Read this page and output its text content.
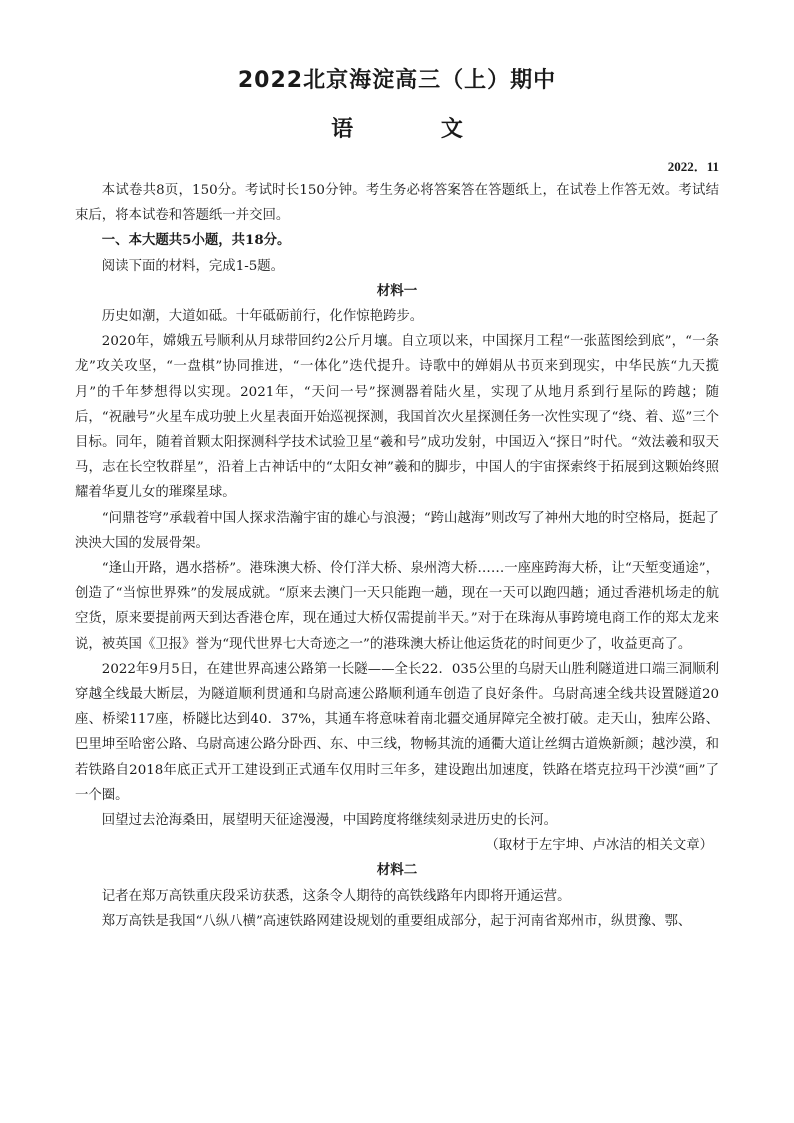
2022北京海淀高三（上）期中
语 文
2022．11

本试卷共8页，150分。考试时长150分钟。考生务必将答案答在答题纸上，在试卷上作答无效。考试结束后，将本试卷和答题纸一并交回。

一、本大题共5小题，共18分。

阅读下面的材料，完成1-5题。

材料一

历史如潮，大道如砥。十年砥砺前行，化作惊艳跨步。

2020年，嫦娥五号顺利从月球带回约2公斤月壤。自立项以来，中国探月工程“一张蓝图绘到底”，“一条龙”攻关攻坚，“一盘棋”协同推进，“一体化”迭代提升。诗歌中的婵娟从书页来到现实，中华民族“九天揽月”的千年梦想得以实现。2021年，“天问一号”探测器着陆火星，实现了从地月系到行星际的跨越；随后，“祝融号”火星车成功驶上火星表面开始巡视探测，我国首次火星探测任务一次性实现了“绕、着、巡”三个目标。同年，随着首颗太阳探测科学技术试验卫星“羲和号”成功发射，中国迈入“探日”时代。“效法羲和驭天马，志在长空牧群星”，沿着上古神话中的“太阳女神”羲和的脚步，中国人的宇宙探索终于拓展到这颗始终照耀着华夏儿女的璀璨星球。

“问鼎苍穹”承载着中国人探求浩瀚宇宙的雄心与浪漫；“跨山越海”则改写了神州大地的时空格局，挺起了泱泱大国的发展骨架。

“逢山开路，遇水搭桥”。港珠澳大桥、伶仃洋大桥、泉州湾大桥……一座座跨海大桥，让“天堑变通途”，创造了“当惊世界殊”的发展成就。“原来去澳门一天只能跑一趟，现在一天可以跑四趟；通过香港机场走的航空货，原来要提前两天到达香港仓库，现在通过大桥仅需提前半天。”对于在珠海从事跨境电商工作的郑太龙来说，被英国《卫报》誉为“现代世界七大奇迹之一”的港珠澳大桥让他运货花的时间更少了，收益更高了。

2022年9月5日，在建世界高速公路第一长隧——全长22．035公里的乌尉天山胜利隧道进口端三洞顺利穿越全线最大断层，为隧道顺利贯通和乌尉高速公路顺利通车创造了良好条件。乌尉高速全线共设置隧道20座、桥梁117座，桥隧比达到40．37%，其通车将意味着南北疆交通屏障完全被打破。走天山，独库公路、巴里坤至哈密公路、乌尉高速公路分卧西、东、中三线，物畅其流的通衢大道让丝绸古道焕新颜；越沙漠，和若铁路自2018年底正式开工建设到正式通车仅用时三年多，建设跑出加速度，铁路在塔克拉玛干沙漠“画”了一个圈。

回望过去沧海桑田，展望明天征途漫漫，中国跨度将继续刻录进历史的长河。

（取材于左宇坤、卢冰洁的相关文章）

材料二

记者在郑万高铁重庆段采访获悉，这条令人期待的高铁线路年内即将开通运营。

郑万高铁是我国“八纵八横”高速铁路网建设规划的重要组成部分，起于河南省郑州市，纵贯豫、鄂、
